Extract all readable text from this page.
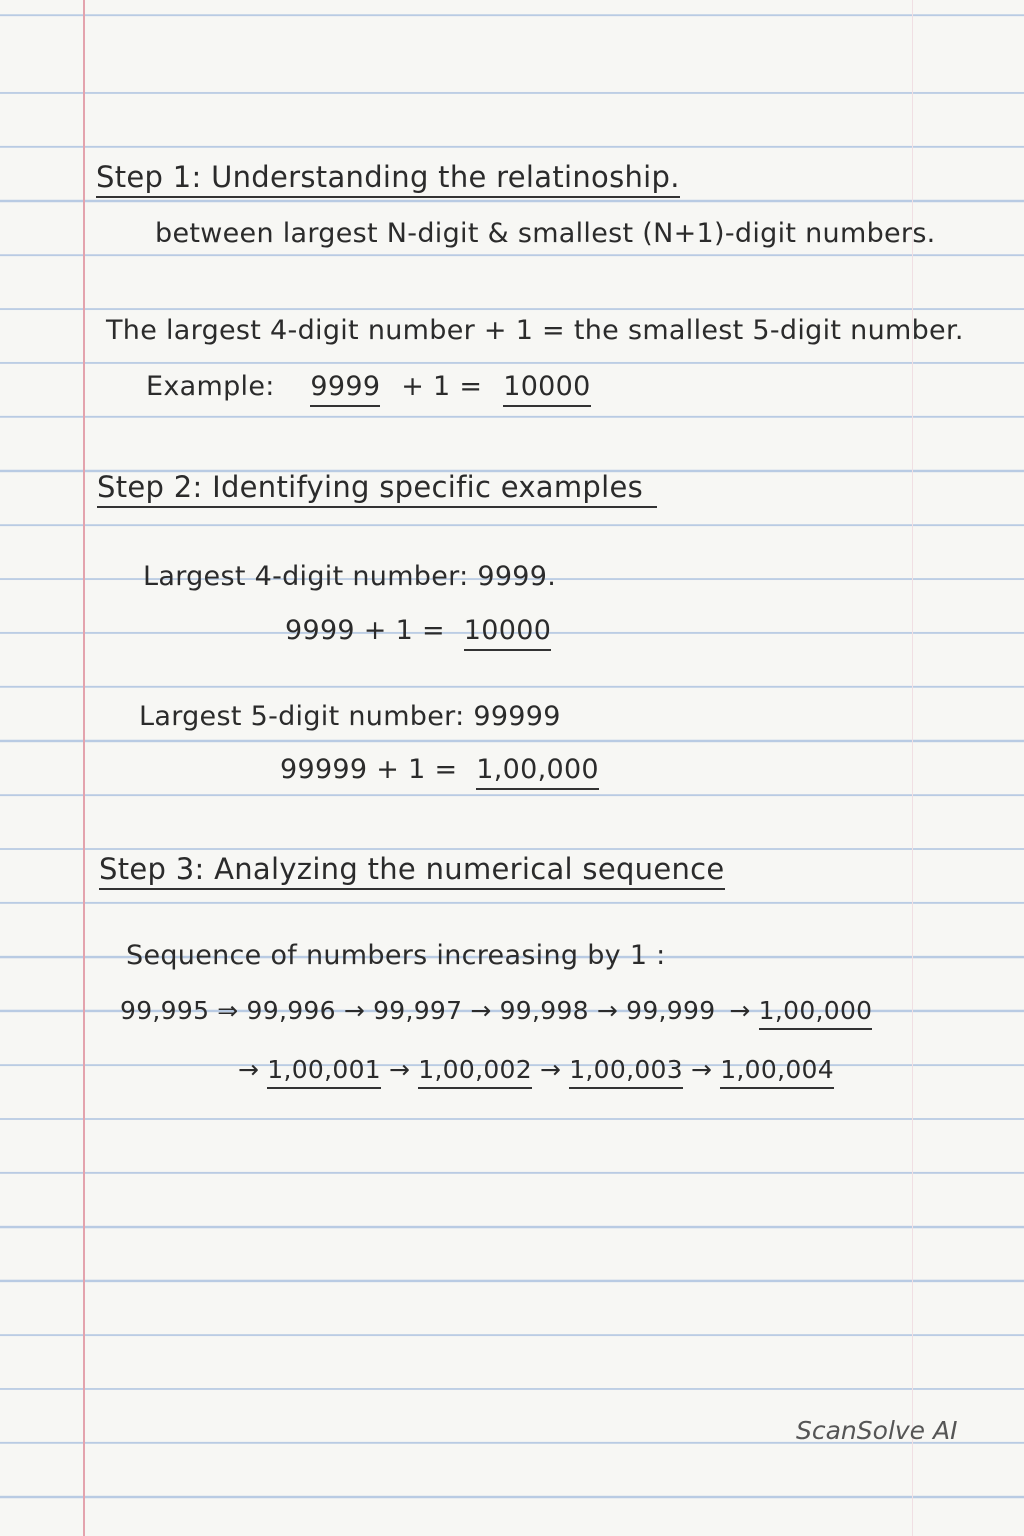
Step 1: Understanding the relatinoship.
between largest N-digit & smallest (N+1)-digit numbers.
The largest 4-digit number + 1 = the smallest 5-digit number.
Example: 9999 + 1 = 10000
Step 2: Identifying specific examples
Largest 4-digit number: 9999.
9999 + 1 = 10000
Largest 5-digit number: 99999
99999 + 1 = 1,00,000
Step 3: Analyzing the numerical sequence
Sequence of numbers increasing by 1 :
99,995 ⇒ 99,996 → 99,997 → 99,998 → 99,999 → 1,00,000
→ 1,00,001 → 1,00,002 → 1,00,003 → 1,00,004
ScanSolve AI
